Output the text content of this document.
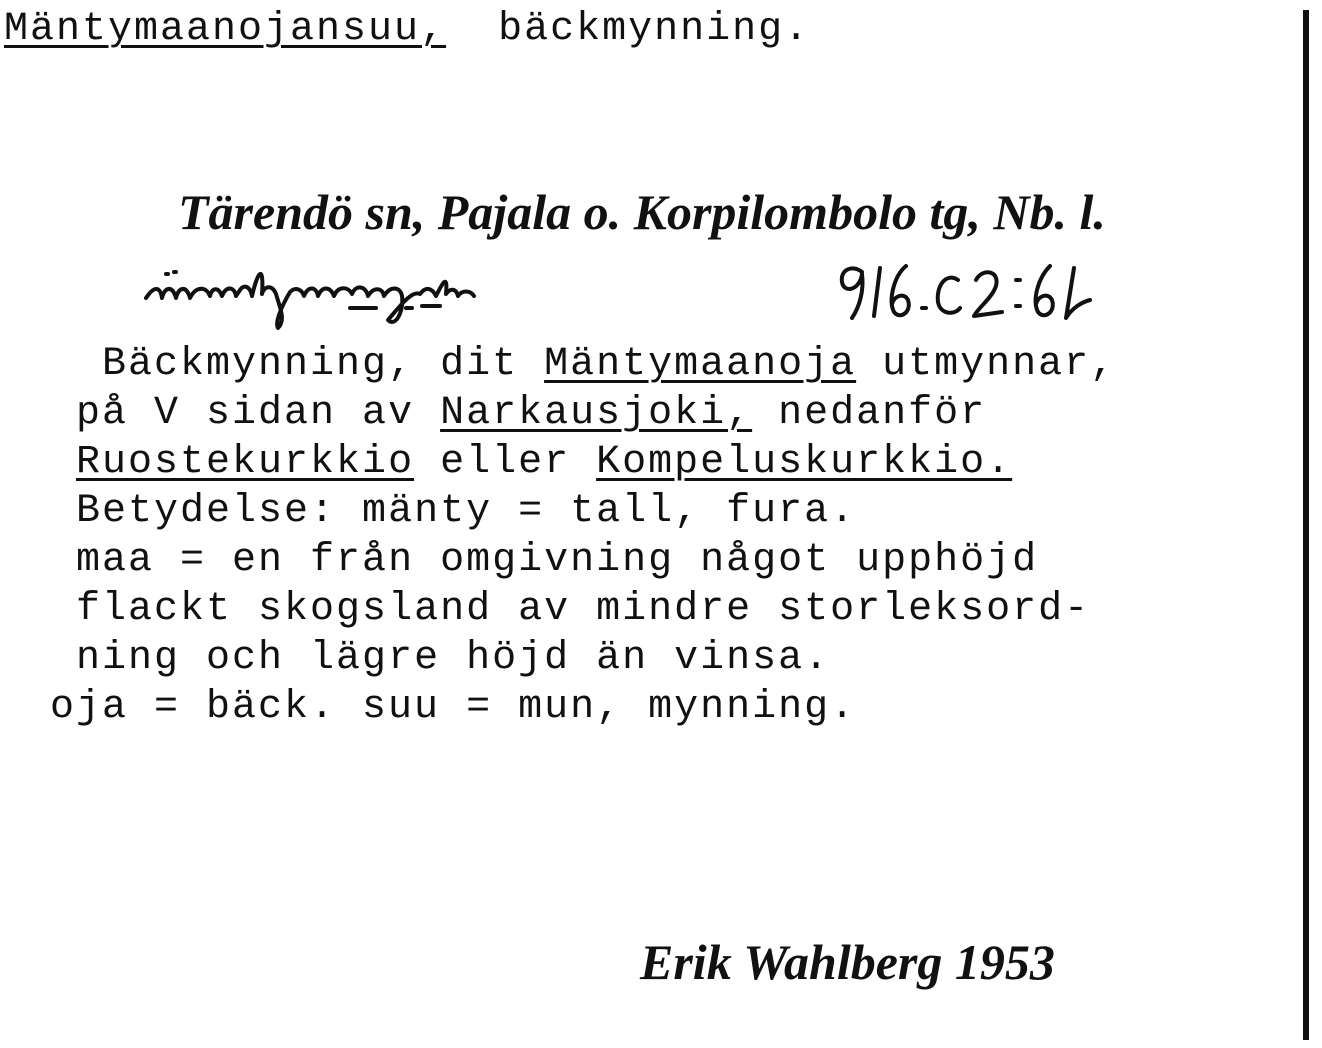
Mäntymaanojansuu, bäckmynning.
Tärendö sn, Pajala o. Korpilombolo tg, Nb. l.
Bäckmynning, dit Mäntymaanoja utmynnar,
på V sidan av Narkausjoki, nedanför
Ruostekurkkio eller Kompeluskurkkio.
Betydelse: mänty = tall, fura.
maa = en från omgivning något upphöjd
flackt skogsland av mindre storleksord-
ning och lägre höjd än vinsa.
oja = bäck. suu = mun, mynning.
Erik Wahlberg 1953
